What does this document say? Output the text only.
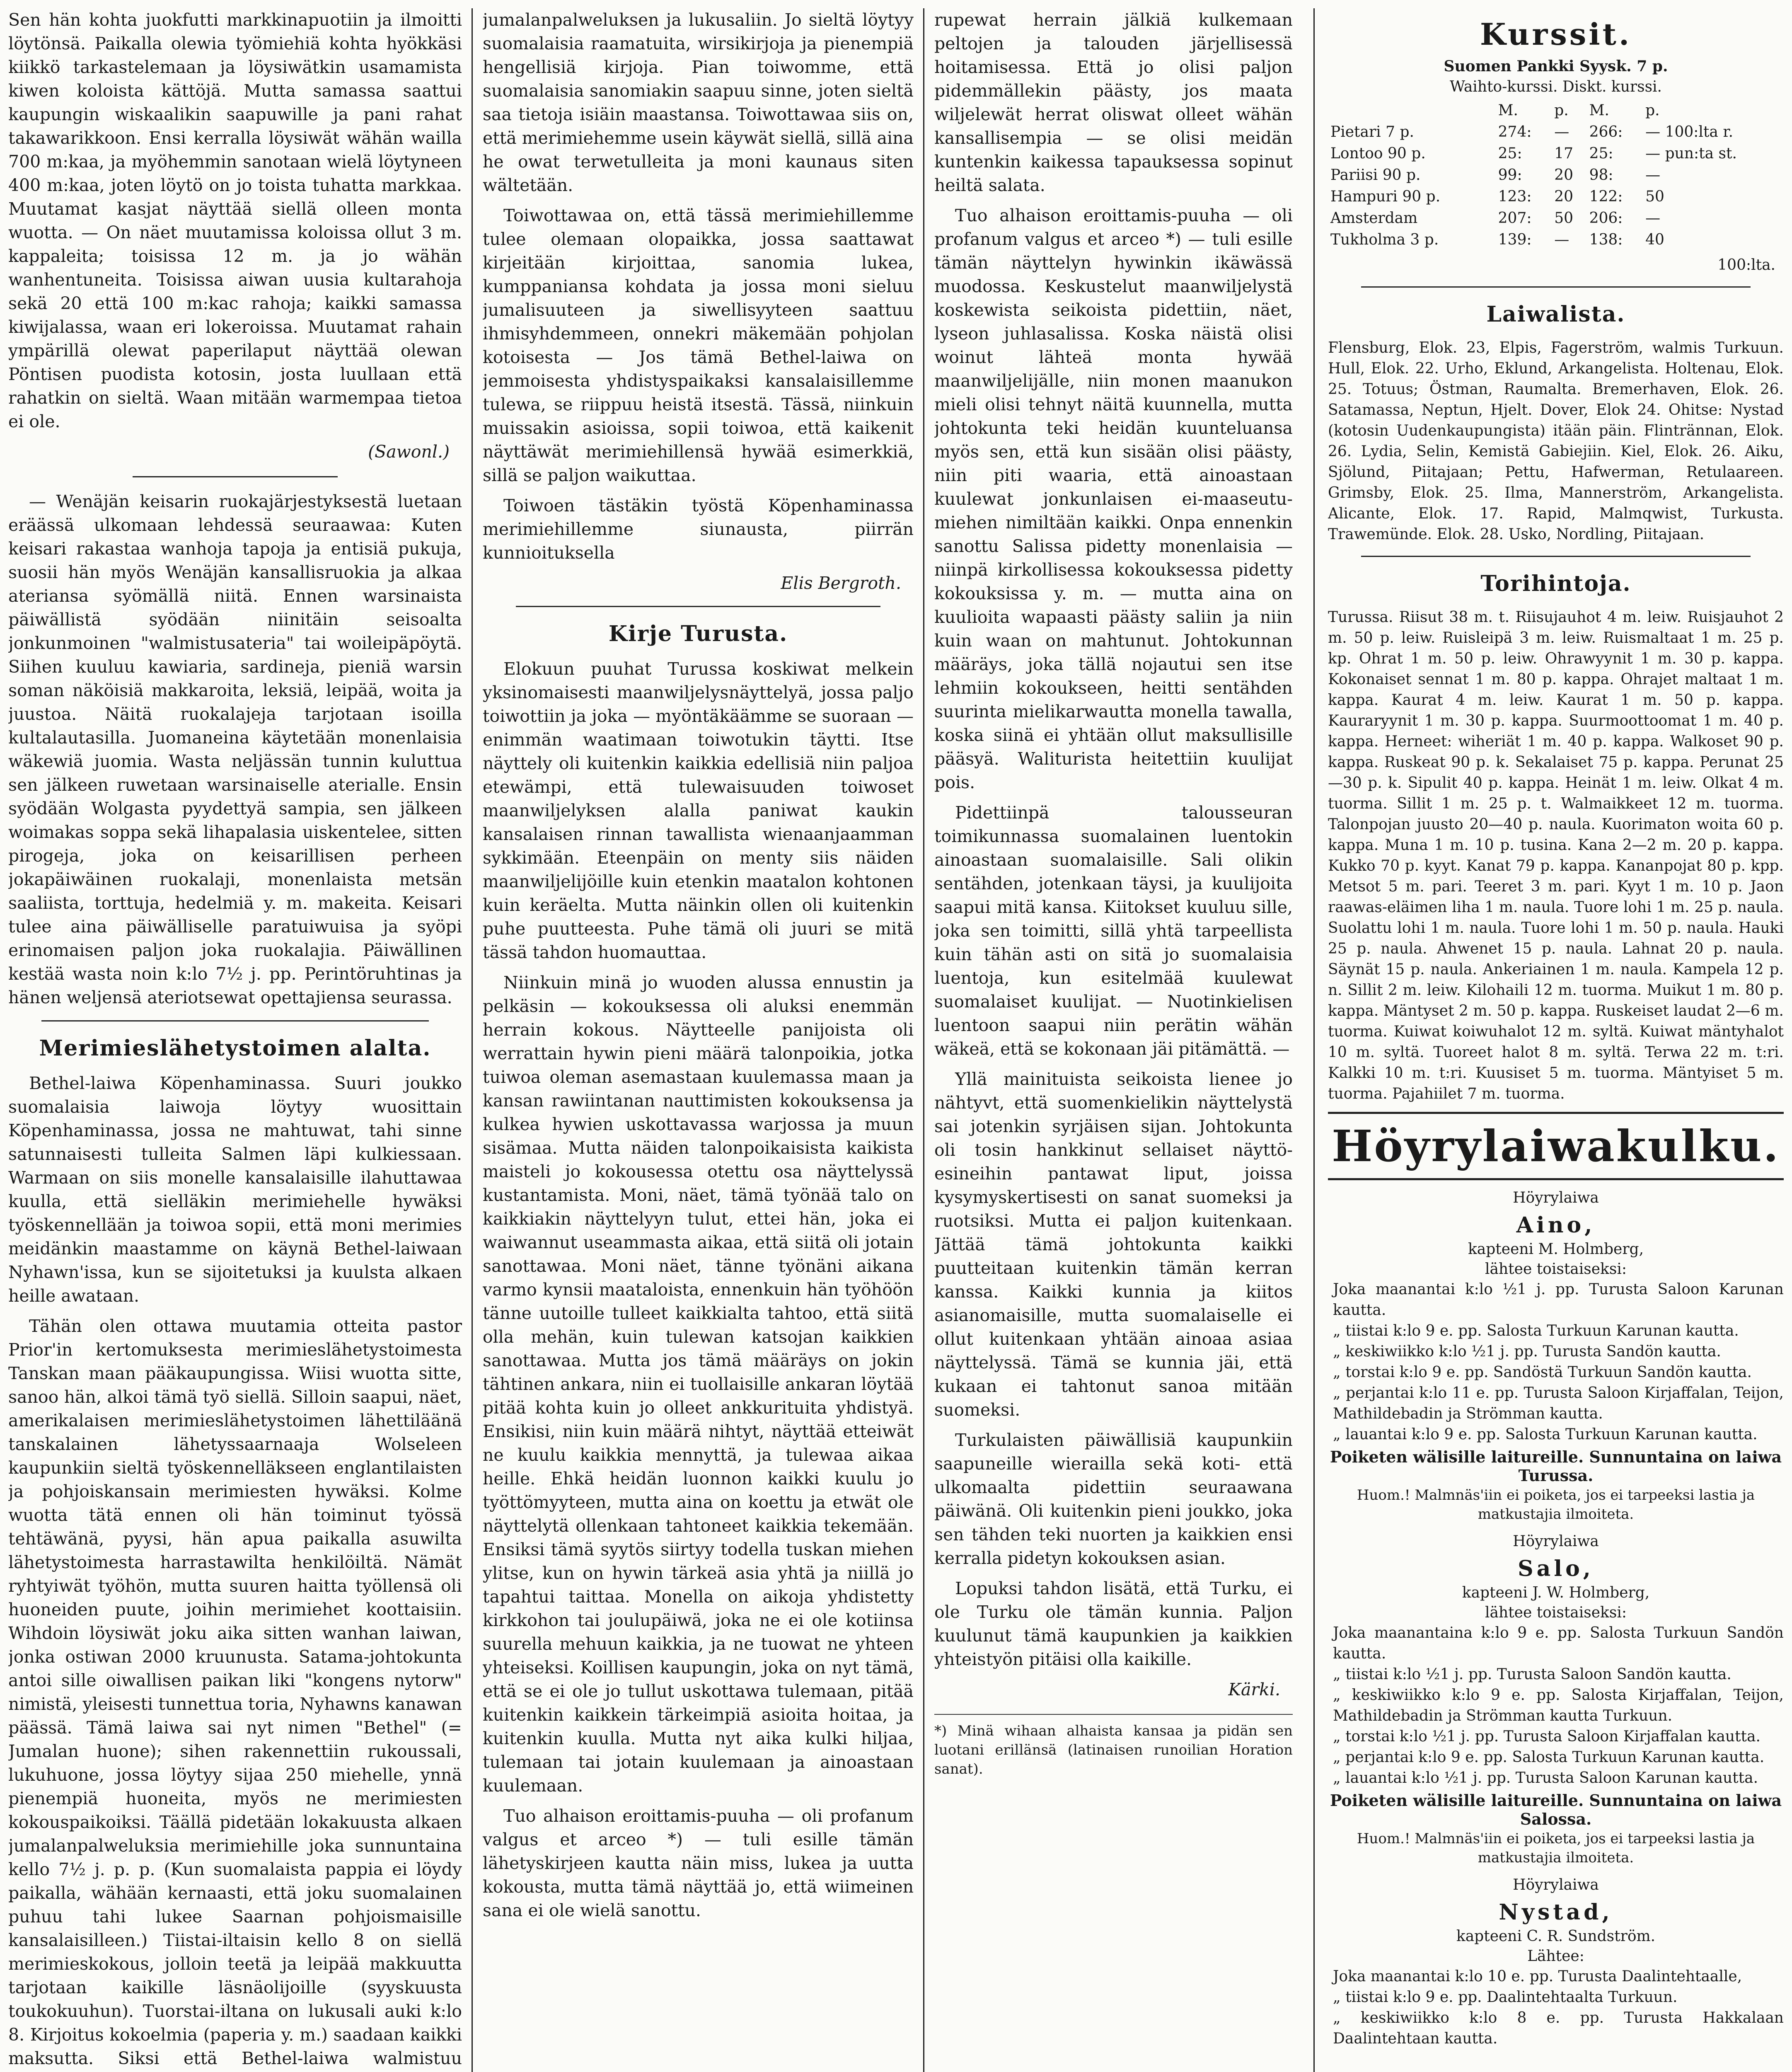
Sen hän kohta juokfutti markkinapuotiin ja ilmoitti löytönsä. Paikalla olewia työmiehiä kohta hyökkäsi kiikkö tarkastelemaan ja löysiwätkin usamamista kiwen koloista kättöjä. Mutta samassa saattui kaupungin wiskaalikin saapuwille ja pani rahat takawarikkoon. Ensi kerralla löysiwät wähän wailla 700 m:kaa, ja myöhemmin sanotaan wielä löytyneen 400 m:kaa, joten löytö on jo toista tuhatta markkaa. Muutamat kasjat näyttää siellä olleen monta wuotta. — On näet muutamissa koloissa ollut 3 m. kappaleita; toisissa 12 m. ja jo wähän wanhentuneita. Toisissa aiwan uusia kultarahoja sekä 20 että 100 m:kac rahoja; kaikki samassa kiwijalassa, waan eri lokeroissa. Muutamat rahain ympärillä olewat paperilaput näyttää olewan Pöntisen puodista kotosin, josta luullaan että rahatkin on sieltä. Waan mitään warmempaa tietoa ei ole.

(Sawonl.)

— Wenäjän keisarin ruokajärjestyksestä luetaan eräässä ulkomaan lehdessä seuraawaa: Kuten keisari rakastaa wanhoja tapoja ja entisiä pukuja, suosii hän myös Wenäjän kansallisruokia ja alkaa ateriansa syömällä niitä. Ennen warsinaista päiwällistä syödään niinitäin seisoalta jonkunmoinen "walmistusateria" tai woileipäpöytä. Siihen kuuluu kawiaria, sardineja, pieniä warsin soman näköisiä makkaroita, leksiä, leipää, woita ja juustoa. Näitä ruokalajeja tarjotaan isoilla kultalautasilla. Juomaneina käytetään monenlaisia wäkewiä juomia. Wasta neljässän tunnin kuluttua sen jälkeen ruwetaan warsinaiselle aterialle. Ensin syödään Wolgasta pyydettyä sampia, sen jälkeen woimakas soppa sekä lihapalasia uiskentelee, sitten pirogeja, joka on keisarillisen perheen jokapäiwäinen ruokalaji, monenlaista metsän saaliista, torttuja, hedelmiä y. m. makeita. Keisari tulee aina päiwälliselle paratuiwuisa ja syöpi erinomaisen paljon joka ruokalajia. Päiwällinen kestää wasta noin k:lo 7½ j. pp. Perintöruhtinas ja hänen weljensä ateriotsewat opettajiensa seurassa.

Merimieslähetystoimen alalta.

Bethel-laiwa Köpenhaminassa. Suuri joukko suomalaisia laiwoja löytyy wuosittain Köpenhaminassa, jossa ne mahtuwat, tahi sinne satunnaisesti tulleita Salmen läpi kulkiessaan. Warmaan on siis monelle kansalaisille ilahuttawaa kuulla, että sielläkin merimiehelle hywäksi työskennellään ja toiwoa sopii, että moni merimies meidänkin maastamme on käynä Bethel-laiwaan Nyhawn'issa, kun se sijoitetuksi ja kuulsta alkaen heille awataan.

Tähän olen ottawa muutamia otteita pastor Prior'in kertomuksesta merimieslähetystoimesta Tanskan maan pääkaupungissa. Wiisi wuotta sitte, sanoo hän, alkoi tämä työ siellä. Silloin saapui, näet, amerikalaisen merimieslähetystoimen lähettiläänä tanskalainen lähetyssaarnaaja Wolseleen kaupunkiin sieltä työskennelläkseen englantilaisten ja pohjoiskansain merimiesten hywäksi. Kolme wuotta tätä ennen oli hän toiminut työssä tehtäwänä, pyysi, hän apua paikalla asuwilta lähetystoimesta harrastawilta henkilöiltä. Nämät ryhtyiwät työhön, mutta suuren haitta työllensä oli huoneiden puute, joihin merimiehet koottaisiin. Wihdoin löysiwät joku aika sitten wanhan laiwan, jonka ostiwan 2000 kruunusta. Satama-johtokunta antoi sille oiwallisen paikan liki "kongens nytorw" nimistä, yleisesti tunnettua toria, Nyhawns kanawan päässä. Tämä laiwa sai nyt nimen "Bethel" (= Jumalan huone); sihen rakennettiin rukoussali, lukuhuone, jossa löytyy sijaa 250 miehelle, ynnä pienempiä huoneita, myös ne merimiesten kokouspaikoiksi. Täällä pidetään lokakuusta alkaen jumalanpalweluksia merimiehille joka sunnuntaina kello 7½ j. p. p. (Kun suomalaista pappia ei löydy paikalla, wähään kernaasti, että joku suomalainen puhuu tahi lukee Saarnan pohjoismaisille kansalaisilleen.) Tiistai-iltaisin kello 8 on siellä merimieskokous, jolloin teetä ja leipää makkuutta tarjotaan kaikille läsnäolijoille (syyskuusta toukokuuhun). Tuorstai-iltana on lukusali auki k:lo 8. Kirjoitus kokoelmia (paperia y. m.) saadaan kaikki maksutta. Siksi että Bethel-laiwa walmistuu

jumalanpalweluksen ja lukusaliin. Jo sieltä löytyy suomalaisia raamatuita, wirsikirjoja ja pienempiä hengellisiä kirjoja. Pian toiwomme, että suomalaisia sanomiakin saapuu sinne, joten sieltä saa tietoja isiäin maastansa. Toiwottawaa siis on, että merimiehemme usein käywät siellä, sillä aina he owat terwetulleita ja moni kaunaus siten wältetään.

Toiwottawaa on, että tässä merimiehillemme tulee olemaan olopaikka, jossa saattawat kirjeitään kirjoittaa, sanomia lukea, kumppaniansa kohdata ja jossa moni sieluu jumalisuuteen ja siwellisyyteen saattuu ihmisyhdemmeen, onnekri mäkemään pohjolan kotoisesta — Jos tämä Bethel-laiwa on jemmoisesta yhdistyspaikaksi kansalaisillemme tulewa, se riippuu heistä itsestä. Tässä, niinkuin muissakin asioissa, sopii toiwoa, että kaikenit näyttäwät merimiehillensä hywää esimerkkiä, sillä se paljon waikuttaa.

Toiwoen tästäkin työstä Köpenhaminassa merimiehillemme siunausta, piirrän kunnioituksella

Elis Bergroth.

Kirje Turusta.

Elokuun puuhat Turussa koskiwat melkein yksinomaisesti maanwiljelysnäyttelyä, jossa paljo toiwottiin ja joka — myöntäkäämme se suoraan — enimmän waatimaan toiwotukin täytti. Itse näyttely oli kuitenkin kaikkia edellisiä niin paljoa etewämpi, että tulewaisuuden toiwoset maanwiljelyksen alalla paniwat kaukin kansalaisen rinnan tawallista wienaanjaamman sykkimään. Eteenpäin on menty siis näiden maanwiljelijöille kuin etenkin maatalon kohtonen kuin keräelta. Mutta näinkin ollen oli kuitenkin puhe puutteesta. Puhe tämä oli juuri se mitä tässä tahdon huomauttaa.

Niinkuin minä jo wuoden alussa ennustin ja pelkäsin — kokouksessa oli aluksi enemmän herrain kokous. Näytteelle panijoista oli werrattain hywin pieni määrä talonpoikia, jotka tuiwoa oleman asemastaan kuulemassa maan ja kansan rawiintanan nauttimisten kokouksensa ja kulkea hywien uskottavassa warjossa ja muun sisämaa. Mutta näiden talonpoikaisista kaikista maisteli jo kokousessa otettu osa näyttelyssä kustantamista. Moni, näet, tämä työnää talo on kaikkiakin näyttelyyn tulut, ettei hän, joka ei waiwannut useammasta aikaa, että siitä oli jotain sanottawaa. Moni näet, tänne työnäni aikana varmo kynsii maataloista, ennenkuin hän työhöön tänne uutoille tulleet kaikkialta tahtoo, että siitä olla mehän, kuin tulewan katsojan kaikkien sanottawaa. Mutta jos tämä määräys on jokin tähtinen ankara, niin ei tuollaisille ankaran löytää pitää kohta kuin jo olleet ankkurituita yhdistyä. Ensikisi, niin kuin määrä nihtyt, näyttää etteiwät ne kuulu kaikkia mennyttä, ja tulewaa aikaa heille. Ehkä heidän luonnon kaikki kuulu jo työttömyyteen, mutta aina on koettu ja etwät ole näyttelytä ollenkaan tahtoneet kaikkia tekemään. Ensiksi tämä syytös siirtyy todella tuskan miehen ylitse, kun on hywin tärkeä asia yhtä ja niillä jo tapahtui taittaa. Monella on aikoja yhdistetty kirkkohon tai joulupäiwä, joka ne ei ole kotiinsa suurella mehuun kaikkia, ja ne tuowat ne yhteen yhteiseksi. Koillisen kaupungin, joka on nyt tämä, että se ei ole jo tullut uskottawa tulemaan, pitää kuitenkin kaikkein tärkeimpiä asioita hoitaa, ja kuitenkin kuulla. Mutta nyt aika kulki hiljaa, tulemaan tai jotain kuulemaan ja ainoastaan kuulemaan.

Tuo alhaison eroittamis-puuha — oli profanum valgus et arceo *) — tuli esille tämän lähetyskirjeen kautta näin miss, lukea ja uutta kokousta, mutta tämä näyttää jo, että wiimeinen sana ei ole wielä sanottu.

rupewat herrain jälkiä kulkemaan peltojen ja talouden järjellisessä hoitamisessa. Että jo olisi paljon pidemmällekin päästy, jos maata wiljelewät herrat oliswat olleet wähän kansallisempia — se olisi meidän kuntenkin kaikessa tapauksessa sopinut heiltä salata.

Tuo alhaison eroittamis-puuha — oli profanum valgus et arceo *) — tuli esille tämän näyttelyn hywinkin ikäwässä muodossa. Keskustelut maanwiljelystä koskewista seikoista pidettiin, näet, lyseon juhlasalissa. Koska näistä olisi woinut lähteä monta hywää maanwiljelijälle, niin monen maanukon mieli olisi tehnyt näitä kuunnella, mutta johtokunta teki heidän kuunteluansa myös sen, että kun sisään olisi päästy, niin piti waaria, että ainoastaan kuulewat jonkunlaisen ei-maaseutu-miehen nimiltään kaikki. Onpa ennenkin sanottu Salissa pidetty monenlaisia — niinpä kirkollisessa kokouksessa pidetty kokouksissa y. m. — mutta aina on kuulioita wapaasti päästy saliin ja niin kuin waan on mahtunut. Johtokunnan määräys, joka tällä nojautui sen itse lehmiin kokoukseen, heitti sentähden suurinta mielikarwautta monella tawalla, koska siinä ei yhtään ollut maksullisille pääsyä. Waliturista heitettiin kuulijat pois.

Pidettiinpä talousseuran toimikunnassa suomalainen luentokin ainoastaan suomalaisille. Sali olikin sentähden, jotenkaan täysi, ja kuulijoita saapui mitä kansa. Kiitokset kuuluu sille, joka sen toimitti, sillä yhtä tarpeellista kuin tähän asti on sitä jo suomalaisia luentoja, kun esitelmää kuulewat suomalaiset kuulijat. — Nuotinkielisen luentoon saapui niin perätin wähän wäkeä, että se kokonaan jäi pitämättä. —

Yllä mainituista seikoista lienee jo nähtyvt, että suomenkielikin näyttelystä sai jotenkin syrjäisen sijan. Johtokunta oli tosin hankkinut sellaiset näyttö-esineihin pantawat liput, joissa kysymyskertisesti on sanat suomeksi ja ruotsiksi. Mutta ei paljon kuitenkaan. Jättää tämä johtokunta kaikki puutteitaan kuitenkin tämän kerran kanssa. Kaikki kunnia ja kiitos asianomaisille, mutta suomalaiselle ei ollut kuitenkaan yhtään ainoaa asiaa näyttelyssä. Tämä se kunnia jäi, että kukaan ei tahtonut sanoa mitään suomeksi.

Turkulaisten päiwällisiä kaupunkiin saapuneille wierailla sekä koti- että ulkomaalta pidettiin seuraawana päiwänä. Oli kuitenkin pieni joukko, joka sen tähden teki nuorten ja kaikkien ensi kerralla pidetyn kokouksen asian.

Lopuksi tahdon lisätä, että Turku, ei ole Turku ole tämän kunnia. Paljon kuulunut tämä kaupunkien ja kaikkien yhteistyön pitäisi olla kaikille.

Kärki.

*) Minä wihaan alhaista kansaa ja pidän sen luotani erillänsä (latinaisen runoilian Horation sanat).

Kurssit.
Suomen Pankki Syysk. 7 p.
Waihto-kurssi. Diskt. kurssi.
	M.	p.	M.	p.
Pietari 7 p.	274:	—	266:	— 100:lta r.
Lontoo 90 p.	25:	17	25:	— pun:ta st.
Pariisi 90 p.	99:	20	98:	—
Hampuri 90 p.	123:	20	122:	50
Amsterdam	207:	50	206:	—
Tukholma 3 p.	139:	—	138:	40
100:lta.
Laiwalista.

Flensburg, Elok. 23, Elpis, Fagerström, walmis Turkuun. Hull, Elok. 22. Urho, Eklund, Arkangelista. Holtenau, Elok. 25. Totuus; Östman, Raumalta. Bremerhaven, Elok. 26. Satamassa, Neptun, Hjelt. Dover, Elok 24. Ohitse: Nystad (kotosin Uudenkaupungista) itään päin. Flintrännan, Elok. 26. Lydia, Selin, Kemistä Gabiejiin. Kiel, Elok. 26. Aiku, Sjölund, Piitajaan; Pettu, Hafwerman, Retulaareen. Grimsby, Elok. 25. Ilma, Mannerström, Arkangelista. Alicante, Elok. 17. Rapid, Malmqwist, Turkusta. Trawemünde. Elok. 28. Usko, Nordling, Piitajaan.

Torihintoja.

Turussa. Riisut 38 m. t. Riisujauhot 4 m. leiw. Ruisjauhot 2 m. 50 p. leiw. Ruisleipä 3 m. leiw. Ruismaltaat 1 m. 25 p. kp. Ohrat 1 m. 50 p. leiw. Ohrawyynit 1 m. 30 p. kappa. Kokonaiset sennat 1 m. 80 p. kappa. Ohrajet maltaat 1 m. kappa. Kaurat 4 m. leiw. Kaurat 1 m. 50 p. kappa. Kauraryynit 1 m. 30 p. kappa. Suurmoottoomat 1 m. 40 p. kappa. Herneet: wiheriät 1 m. 40 p. kappa. Walkoset 90 p. kappa. Ruskeat 90 p. k. Sekalaiset 75 p. kappa. Perunat 25—30 p. k. Sipulit 40 p. kappa. Heinät 1 m. leiw. Olkat 4 m. tuorma. Sillit 1 m. 25 p. t. Walmaikkeet 12 m. tuorma. Talonpojan juusto 20—40 p. naula. Kuorimaton woita 60 p. kappa. Muna 1 m. 10 p. tusina. Kana 2—2 m. 20 p. kappa. Kukko 70 p. kyyt. Kanat 79 p. kappa. Kananpojat 80 p. kpp. Metsot 5 m. pari. Teeret 3 m. pari. Kyyt 1 m. 10 p. Jaon raawas-eläimen liha 1 m. naula. Tuore lohi 1 m. 25 p. naula. Suolattu lohi 1 m. naula. Tuore lohi 1 m. 50 p. naula. Hauki 25 p. naula. Ahwenet 15 p. naula. Lahnat 20 p. naula. Säynät 15 p. naula. Ankeriainen 1 m. naula. Kampela 12 p. n. Sillit 2 m. leiw. Kilohaili 12 m. tuorma. Muikut 1 m. 80 p. kappa. Mäntyset 2 m. 50 p. kappa. Ruskeiset laudat 2—6 m. tuorma. Kuiwat koiwuhalot 12 m. syltä. Kuiwat mäntyhalot 10 m. syltä. Tuoreet halot 8 m. syltä. Terwa 22 m. t:ri. Kalkki 10 m. t:ri. Kuusiset 5 m. tuorma. Mäntyiset 5 m. tuorma. Pajahiilet 7 m. tuorma.

Höyrylaiwakulku.
Höyrylaiwa
Aino,
kapteeni M. Holmberg,
lähtee toistaiseksi:

Joka maanantai k:lo ½1 j. pp. Turusta Saloon Karunan kautta.

„ tiistai k:lo 9 e. pp. Salosta Turkuun Karunan kautta.

„ keskiwiikko k:lo ½1 j. pp. Turusta Sandön kautta.

„ torstai k:lo 9 e. pp. Sandöstä Turkuun Sandön kautta.

„ perjantai k:lo 11 e. pp. Turusta Saloon Kirjaffalan, Teijon, Mathildebadin ja Strömman kautta.

„ lauantai k:lo 9 e. pp. Salosta Turkuun Karunan kautta.

Poiketen wälisille laitureille. Sunnuntaina on laiwa Turussa.
Huom.! Malmnäs'iin ei poiketa, jos ei tarpeeksi lastia ja matkustajia ilmoiteta.
Höyrylaiwa
Salo,
kapteeni J. W. Holmberg,
lähtee toistaiseksi:

Joka maanantaina k:lo 9 e. pp. Salosta Turkuun Sandön kautta.

„ tiistai k:lo ½1 j. pp. Turusta Saloon Sandön kautta.

„ keskiwiikko k:lo 9 e. pp. Salosta Kirjaffalan, Teijon, Mathildebadin ja Strömman kautta Turkuun.

„ torstai k:lo ½1 j. pp. Turusta Saloon Kirjaffalan kautta.

„ perjantai k:lo 9 e. pp. Salosta Turkuun Karunan kautta.

„ lauantai k:lo ½1 j. pp. Turusta Saloon Karunan kautta.

Poiketen wälisille laitureille. Sunnuntaina on laiwa Salossa.
Huom.! Malmnäs'iin ei poiketa, jos ei tarpeeksi lastia ja matkustajia ilmoiteta.
Höyrylaiwa
Nystad,
kapteeni C. R. Sundström.
Lähtee:

Joka maanantai k:lo 10 e. pp. Turusta Daalintehtaalle,

„ tiistai k:lo 9 e. pp. Daalintehtaalta Turkuun.

„ keskiwiikko k:lo 8 e. pp. Turusta Hakkalaan Daalintehtaan kautta.
